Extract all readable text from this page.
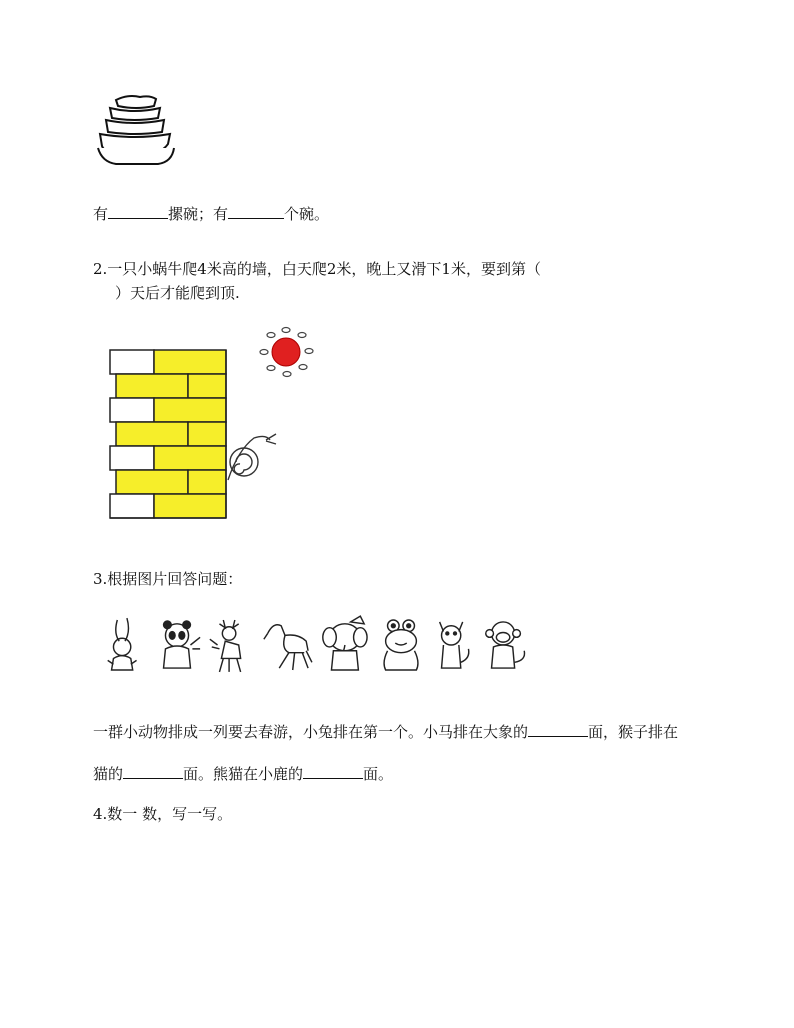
有	摞碗；有	个碗。
2.一只小蜗牛爬4米高的墙，白天爬2米，晚上又滑下1米，要到第（
）天后才能爬到顶.
3.根据图片回答问题：
一群小动物排成一列要去春游，小兔排在第一个。小马排在大象的	面，猴子排在
猫的	面。熊猫在小鹿的	面。
4.数一 数，写一写。
